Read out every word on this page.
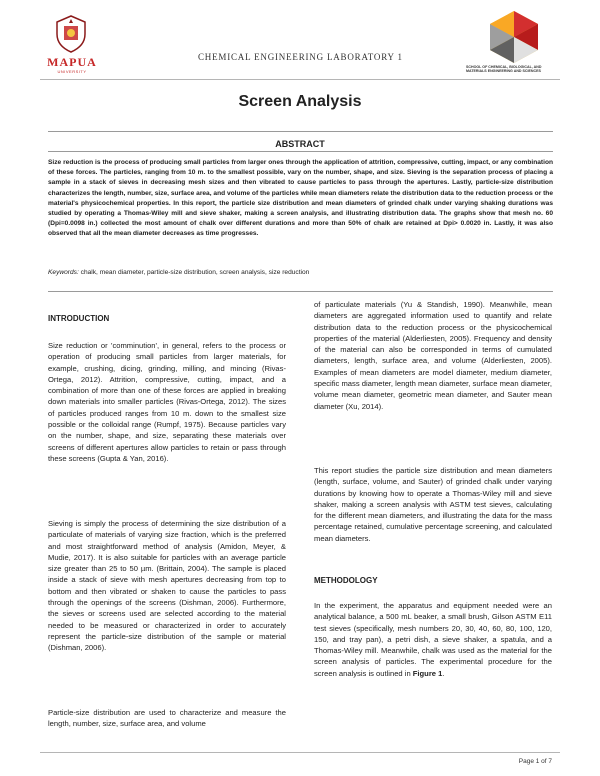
MAPUA
UNIVERSITY
CHEMICAL ENGINEERING LABORATORY 1
SCHOOL OF CHEMICAL, BIOLOGICAL, AND
MATERIALS ENGINEERING AND SCIENCES
Screen Analysis
ABSTRACT

Size reduction is the process of producing small particles from larger ones through the application of attrition, compressive, cutting, impact, or any combination of these forces. The particles, ranging from 10 m. to the smallest possible, vary on the number, shape, and size. Sieving is the separation process of placing a sample in a stack of sieves in decreasing mesh sizes and then vibrated to cause particles to pass through the apertures. Lastly, particle-size distribution characterizes the length, number, size, surface area, and volume of the particles while mean diameters relate the distribution data to the reduction process or the material's physicochemical properties. In this report, the particle size distribution and mean diameters of grinded chalk under varying shaking durations was studied by operating a Thomas-Wiley mill and sieve shaker, making a screen analysis, and illustrating distribution data. The graphs show that mesh no. 60 (Dpi=0.0098 in.) collected the most amount of chalk over different durations and more than 50% of chalk are retained at Dpi> 0.0020 in. Lastly, it was also observed that all the mean diameter decreases as time progresses.

Keywords: chalk, mean diameter, particle-size distribution, screen analysis, size reduction

INTRODUCTION

Size reduction or 'comminution', in general, refers to the process or operation of producing small particles from larger materials, for example, crushing, dicing, grinding, milling, and mincing (Rivas-Ortega, 2012). Attrition, compressive, cutting, impact, and a combination of more than one of these forces are applied in breaking down materials into smaller particles (Rivas-Ortega, 2012). The sizes of particles produced ranges from 10 m. down to the smallest size possible or the colloidal range (Rumpf, 1975). Because particles vary on the number, shape, and size, separating these materials over screens of different apertures allow particles to retain or pass through these screens (Gupta & Yan, 2016).

Sieving is simply the process of determining the size distribution of a particulate of materials of varying size fraction, which is the preferred and most straightforward method of analysis (Amidon, Meyer, & Mudie, 2017). It is also suitable for particles with an average particle size greater than 25 to 50 µm. (Brittain, 2004). The sample is placed inside a stack of sieve with mesh apertures decreasing from top to bottom and then vibrated or shaken to cause the particles to pass through the openings of the screens (Dishman, 2006). Furthermore, the sieves or screens used are selected according to the material needed to be measured or characterized in order to accurately represent the particle-size distribution of the sample or material (Dishman, 2006).

Particle-size distribution are used to characterize and measure the length, number, size, surface area, and volume

of particulate materials (Yu & Standish, 1990). Meanwhile, mean diameters are aggregated information used to quantify and relate distribution data to the reduction process or the physicochemical properties of the material (Alderliesten, 2005). Frequency and density of the material can also be corresponded in terms of cumulated diameters, length, surface area, and volume (Alderliesten, 2005). Examples of mean diameters are model diameter, medium diameter, specific mass diameter, length mean diameter, surface mean diameter, volume mean diameter, geometric mean diameter, and Sauter mean diameter (Xu, 2014).

This report studies the particle size distribution and mean diameters (length, surface, volume, and Sauter) of grinded chalk under varying durations by knowing how to operate a Thomas-Wiley mill and sieve shaker, making a screen analysis with ASTM test sieves, calculating for the different mean diameters, and illustrating the data for the mass percentage retained, cumulative percentage screening, and calculated mean diameters.

METHODOLOGY

In the experiment, the apparatus and equipment needed were an analytical balance, a 500 mL beaker, a small brush, Gilson ASTM E11 test sieves (specifically, mesh numbers 20, 30, 40, 60, 80, 100, 120, 150, and tray pan), a petri dish, a sieve shaker, a spatula, and a Thomas-Wiley mill. Meanwhile, chalk was used as the material for the screen analysis of particles. The experimental procedure for the screen analysis is outlined in Figure 1.

Page 1 of 7
